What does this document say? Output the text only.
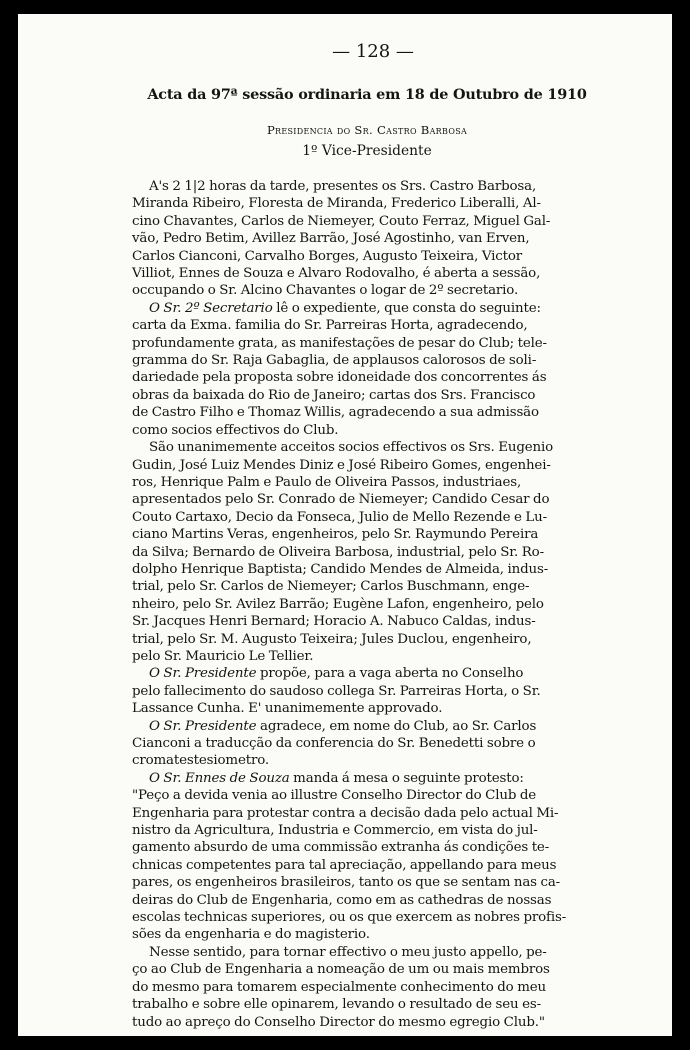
— 128 —
Acta da 97ª sessão ordinaria em 18 de Outubro de 1910
Presidencia do Sr. Castro Barbosa
1º Vice-Presidente
A's 2 1|2 horas da tarde, presentes os Srs. Castro Barbosa,
Miranda Ribeiro, Floresta de Miranda, Frederico Liberalli, Al-
cino Chavantes, Carlos de Niemeyer, Couto Ferraz, Miguel Gal-
vão, Pedro Betim, Avillez Barrão, José Agostinho, van Erven,
Carlos Cianconi, Carvalho Borges, Augusto Teixeira, Victor
Villiot, Ennes de Souza e Alvaro Rodovalho, é aberta a sessão,
occupando o Sr. Alcino Chavantes o logar de 2º secretario.
O Sr. 2º Secretario lê o expediente, que consta do seguinte:
carta da Exma. familia do Sr. Parreiras Horta, agradecendo,
profundamente grata, as manifestações de pesar do Club; tele-
gramma do Sr. Raja Gabaglia, de applausos calorosos de soli-
dariedade pela proposta sobre idoneidade dos concorrentes ás
obras da baixada do Rio de Janeiro; cartas dos Srs. Francisco
de Castro Filho e Thomaz Willis, agradecendo a sua admissão
como socios effectivos do Club.
São unanimemente acceitos socios effectivos os Srs. Eugenio
Gudin, José Luiz Mendes Diniz e José Ribeiro Gomes, engenhei-
ros, Henrique Palm e Paulo de Oliveira Passos, industriaes,
apresentados pelo Sr. Conrado de Niemeyer; Candido Cesar do
Couto Cartaxo, Decio da Fonseca, Julio de Mello Rezende e Lu-
ciano Martins Veras, engenheiros, pelo Sr. Raymundo Pereira
da Silva; Bernardo de Oliveira Barbosa, industrial, pelo Sr. Ro-
dolpho Henrique Baptista; Candido Mendes de Almeida, indus-
trial, pelo Sr. Carlos de Niemeyer; Carlos Buschmann, enge-
nheiro, pelo Sr. Avilez Barrão; Eugène Lafon, engenheiro, pelo
Sr. Jacques Henri Bernard; Horacio A. Nabuco Caldas, indus-
trial, pelo Sr. M. Augusto Teixeira; Jules Duclou, engenheiro,
pelo Sr. Mauricio Le Tellier.
O Sr. Presidente propõe, para a vaga aberta no Conselho
pelo fallecimento do saudoso collega Sr. Parreiras Horta, o Sr.
Lassance Cunha. E' unanimemente approvado.
O Sr. Presidente agradece, em nome do Club, ao Sr. Carlos
Cianconi a traducção da conferencia do Sr. Benedetti sobre o
cromatestesiometro.
O Sr. Ennes de Souza manda á mesa o seguinte protesto:
"Peço a devida venia ao illustre Conselho Director do Club de
Engenharia para protestar contra a decisão dada pelo actual Mi-
nistro da Agricultura, Industria e Commercio, em vista do jul-
gamento absurdo de uma commissão extranha ás condições te-
chnicas competentes para tal apreciação, appellando para meus
pares, os engenheiros brasileiros, tanto os que se sentam nas ca-
deiras do Club de Engenharia, como em as cathedras de nossas
escolas technicas superiores, ou os que exercem as nobres profis-
sões da engenharia e do magisterio.
Nesse sentido, para tornar effectivo o meu justo appello, pe-
ço ao Club de Engenharia a nomeação de um ou mais membros
do mesmo para tomarem especialmente conhecimento do meu
trabalho e sobre elle opinarem, levando o resultado de seu es-
tudo ao apreço do Conselho Director do mesmo egregio Club."
